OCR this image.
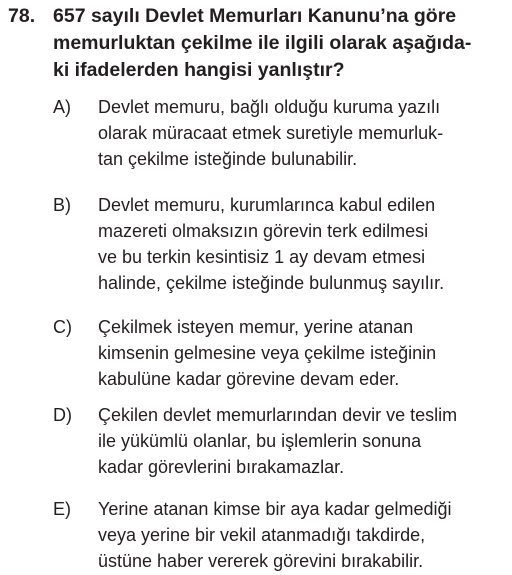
78. 657 sayılı Devlet Memurları Kanunu’na göre
memurluktan çekilme ile ilgili olarak aşağıda-
ki ifadelerden hangisi yanlıştır?
A) Devlet memuru, bağlı olduğu kuruma yazılı
olarak müracaat etmek suretiyle memurluk-
tan çekilme isteğinde bulunabilir.
B) Devlet memuru, kurumlarınca kabul edilen
mazereti olmaksızın görevin terk edilmesi
ve bu terkin kesintisiz 1 ay devam etmesi
halinde, çekilme isteğinde bulunmuş sayılır.
C) Çekilmek isteyen memur, yerine atanan
kimsenin gelmesine veya çekilme isteğinin
kabulüne kadar görevine devam eder.
D) Çekilen devlet memurlarından devir ve teslim
ile yükümlü olanlar, bu işlemlerin sonuna
kadar görevlerini bırakamazlar.
E) Yerine atanan kimse bir aya kadar gelmediği
veya yerine bir vekil atanmadığı takdirde,
üstüne haber vererek görevini bırakabilir.
